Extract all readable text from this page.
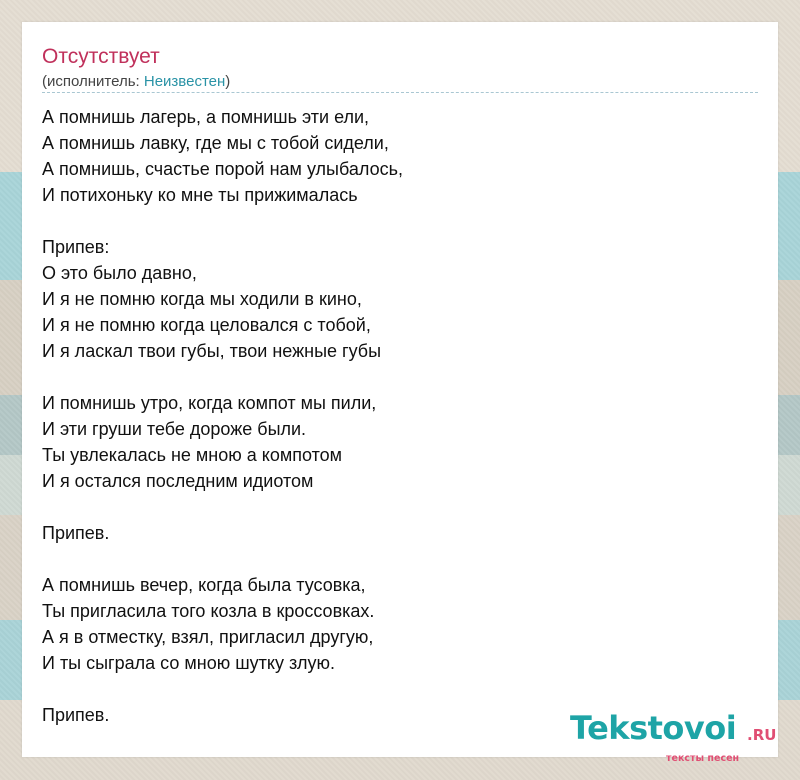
Отсутствует
(исполнитель: Неизвестен)
А помнишь лагерь, а помнишь эти ели,
А помнишь лавку, где мы с тобой сидели,
А помнишь, счастье порой нам улыбалось,
И потихоньку ко мне ты прижималась
Припев:
О это было давно,
И я не помню когда мы ходили в кино,
И я не помню когда целовался с тобой,
И я ласкал твои губы, твои нежные губы
И помнишь утро, когда компот мы пили,
И эти груши тебе дороже были.
Ты увлекалась не мною а компотом
И я остался последним идиотом
Припев.
А помнишь вечер, когда была тусовка,
Ты пригласила того козла в кроссовках.
А я в отместку, взял, пригласил другую,
И ты сыграла со мною шутку злую.
Припев.	Tekstovoi .RU
тексты песен
